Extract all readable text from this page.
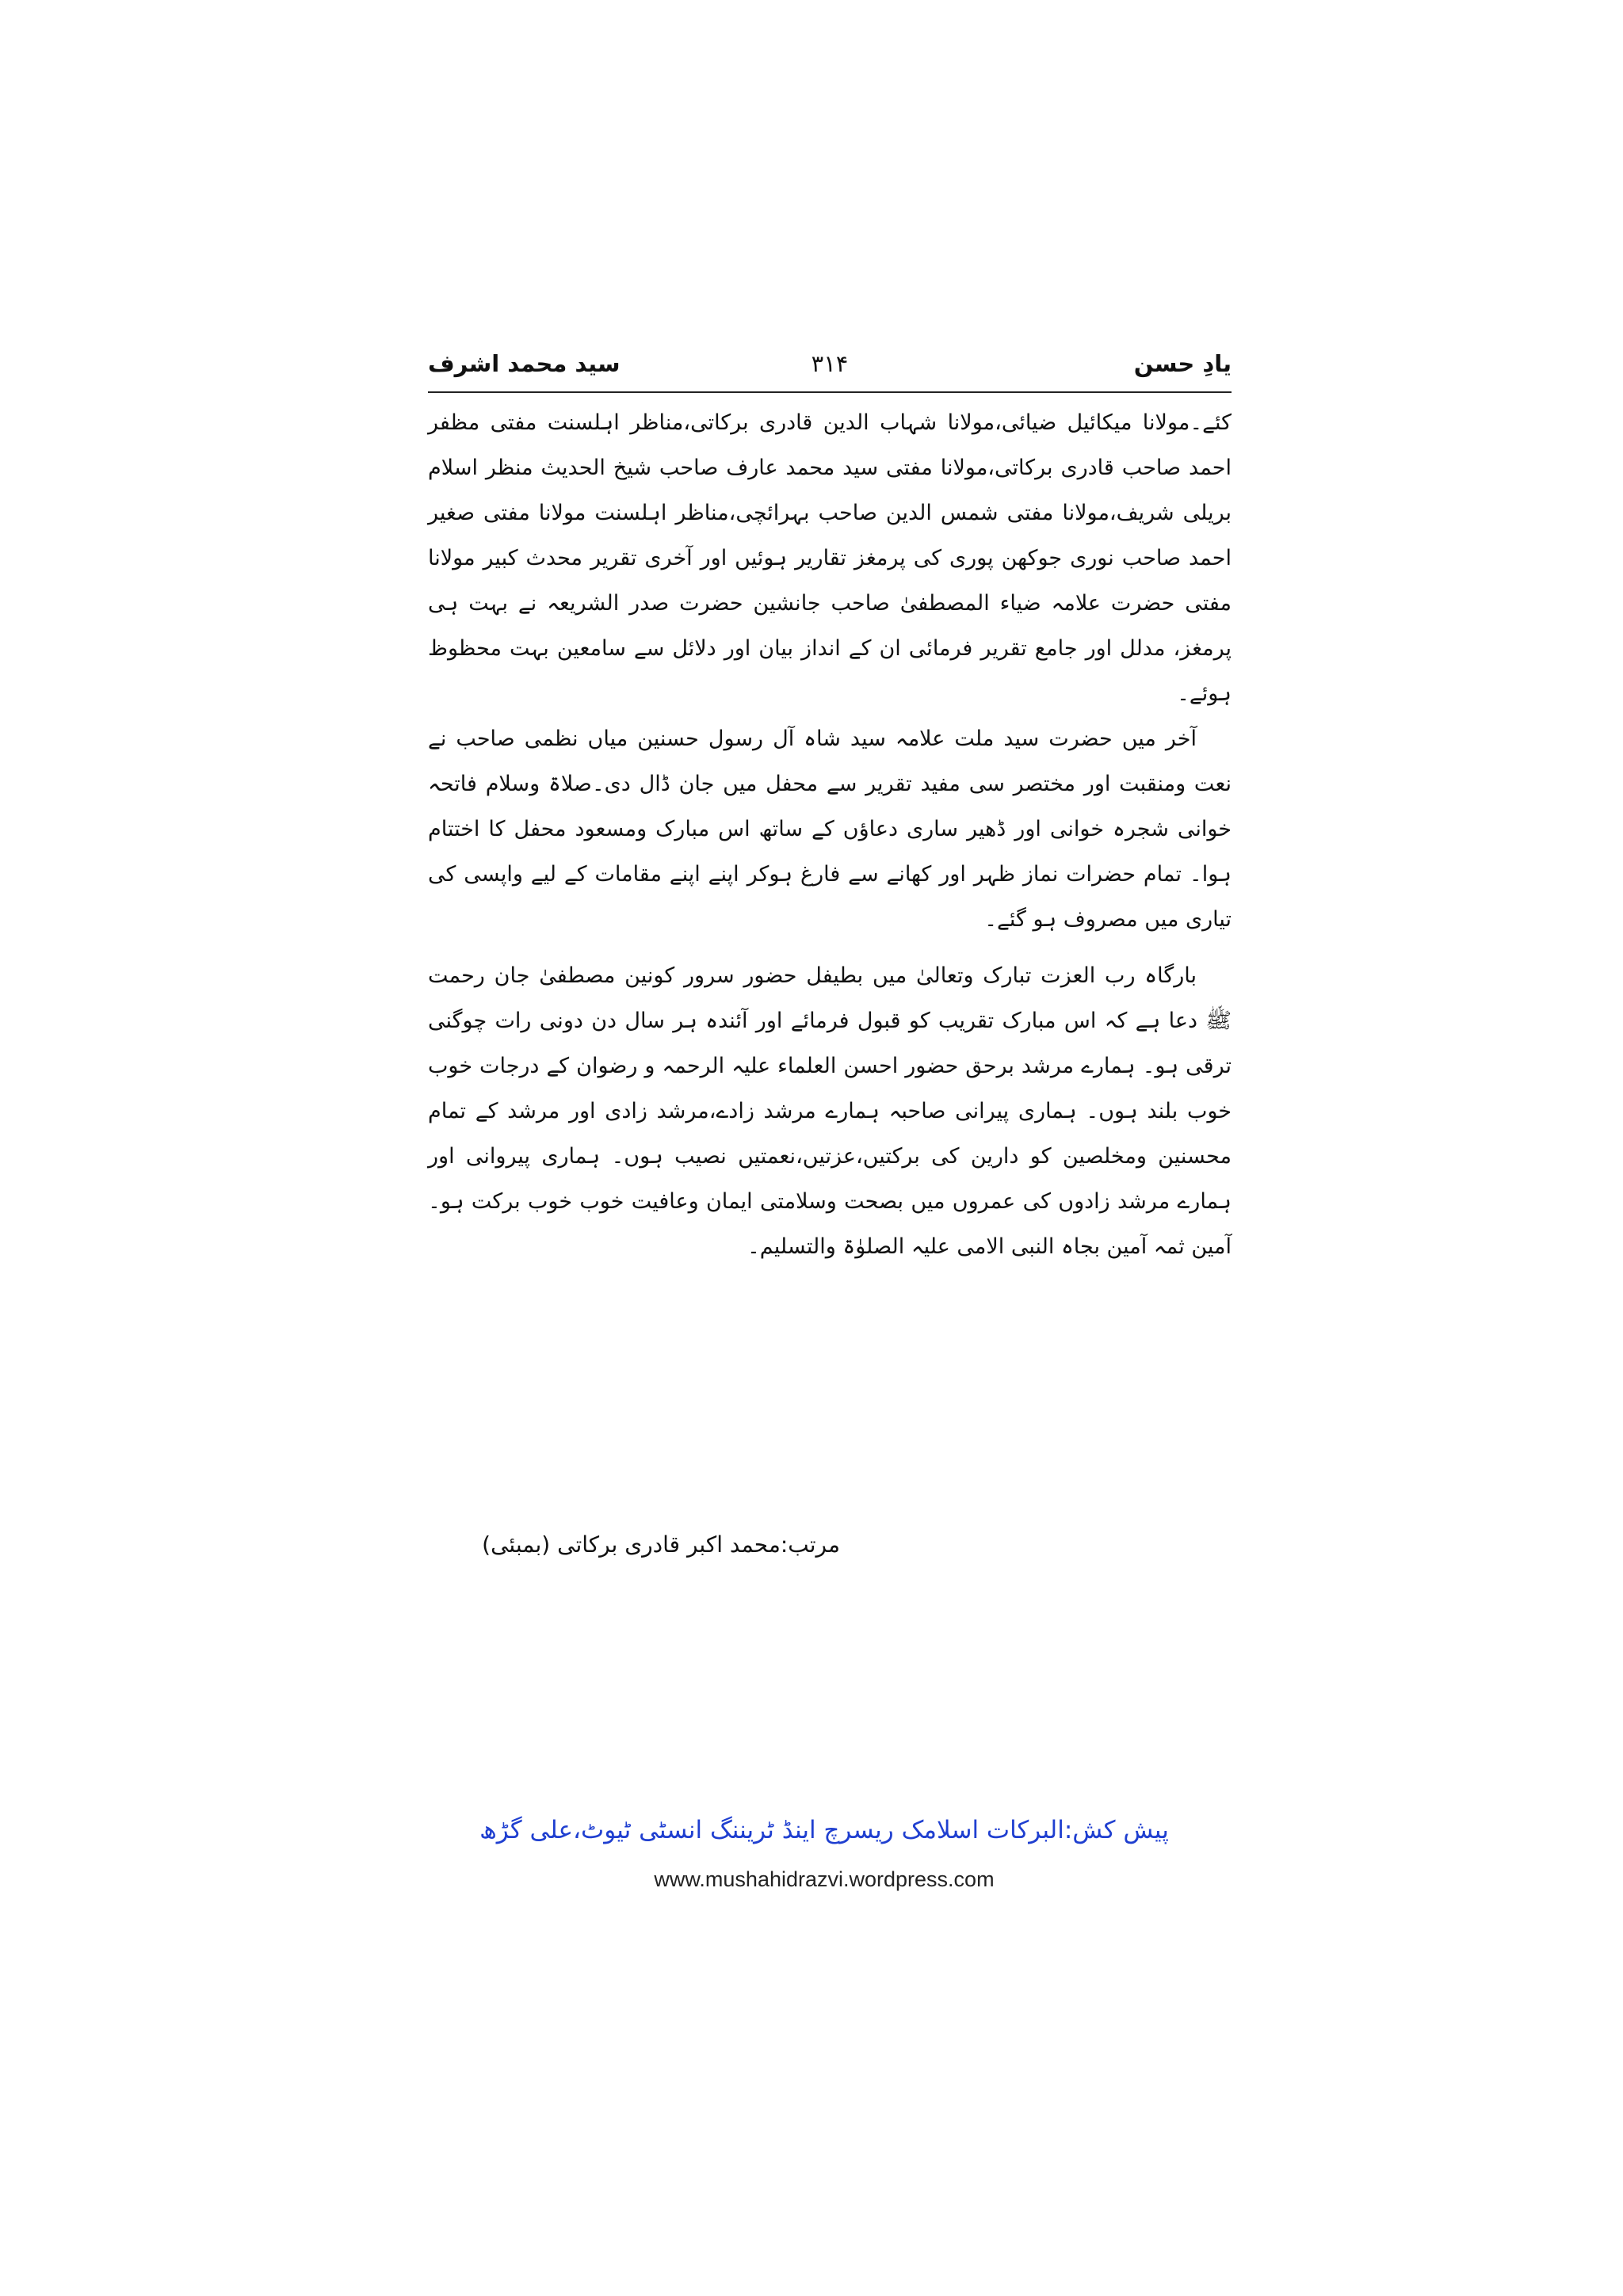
یادِ حسن
۳۱۴
سید محمد اشرف

کئے۔مولانا میکائیل ضیائی،مولانا شہاب الدین قادری برکاتی،مناظر اہلسنت مفتی مظفر احمد صاحب قادری برکاتی،مولانا مفتی سید محمد عارف صاحب شیخ الحدیث منظر اسلام بریلی شریف،مولانا مفتی شمس الدین صاحب بہرائچی،مناظر اہلسنت مولانا مفتی صغیر احمد صاحب نوری جوکھن پوری کی پرمغز تقاریر ہوئیں اور آخری تقریر محدث کبیر مولانا مفتی حضرت علامہ ضیاء المصطفیٰ صاحب جانشین حضرت صدر الشریعہ نے بہت ہی پرمغز، مدلل اور جامع تقریر فرمائی ان کے انداز بیان اور دلائل سے سامعین بہت محظوظ ہوئے۔

آخر میں حضرت سید ملت علامہ سید شاہ آل رسول حسنین میاں نظمی صاحب نے نعت ومنقبت اور مختصر سی مفید تقریر سے محفل میں جان ڈال دی۔صلاۃ وسلام فاتحہ خوانی شجرہ خوانی اور ڈھیر ساری دعاؤں کے ساتھ اس مبارک ومسعود محفل کا اختتام ہوا۔ تمام حضرات نماز ظہر اور کھانے سے فارغ ہوکر اپنے اپنے مقامات کے لیے واپسی کی تیاری میں مصروف ہو گئے۔

بارگاہ رب العزت تبارک وتعالیٰ میں بطیفل حضور سرور کونین مصطفیٰ جان رحمت ﷺ دعا ہے کہ اس مبارک تقریب کو قبول فرمائے اور آئندہ ہر سال دن دونی رات چوگنی ترقی ہو۔ ہمارے مرشد برحق حضور احسن العلماء علیہ الرحمہ و رضوان کے درجات خوب خوب بلند ہوں۔ ہماری پیرانی صاحبہ ہمارے مرشد زادے،مرشد زادی اور مرشد کے تمام محسنین ومخلصین کو دارین کی برکتیں،عزتیں،نعمتیں نصیب ہوں۔ ہماری پیروانی اور ہمارے مرشد زادوں کی عمروں میں بصحت وسلامتی ایمان وعافیت خوب خوب برکت ہو۔آمین ثمہ آمین بجاہ النبی الامی علیہ الصلوٰۃ والتسلیم۔

مرتب:محمد اکبر قادری برکاتی (بمبئی)
پیش کش:البرکات اسلامک ریسرچ اینڈ ٹریننگ انسٹی ٹیوٹ،علی گڑھ
www.mushahidrazvi.wordpress.com
